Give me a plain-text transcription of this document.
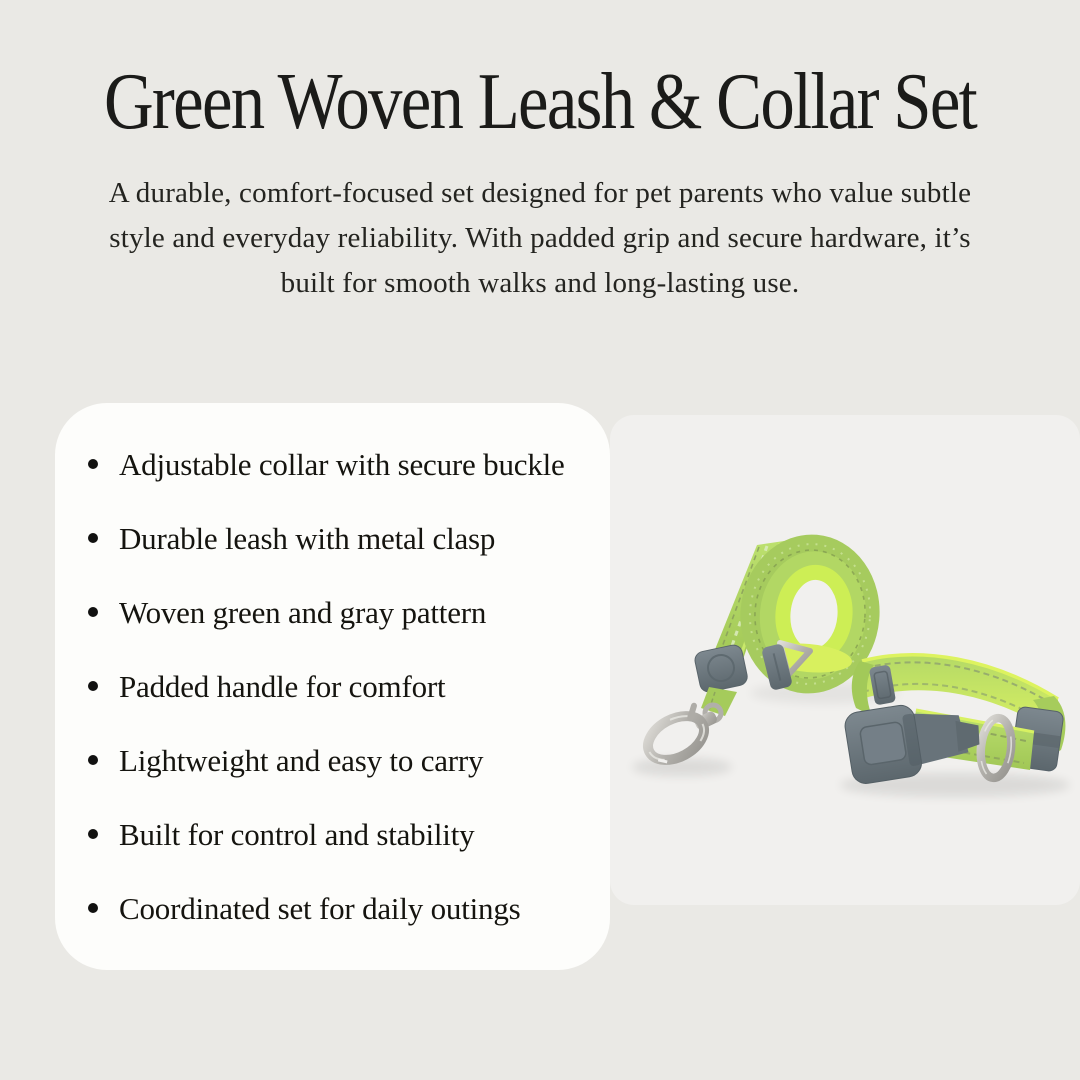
Green Woven Leash & Collar Set

A durable, comfort-focused set designed for pet parents who value subtle style and everyday reliability. With padded grip and secure hardware, it’s built for smooth walks and long-lasting use.

Adjustable collar with secure buckle
Durable leash with metal clasp
Woven green and gray pattern
Padded handle for comfort
Lightweight and easy to carry
Built for control and stability
Coordinated set for daily outings
